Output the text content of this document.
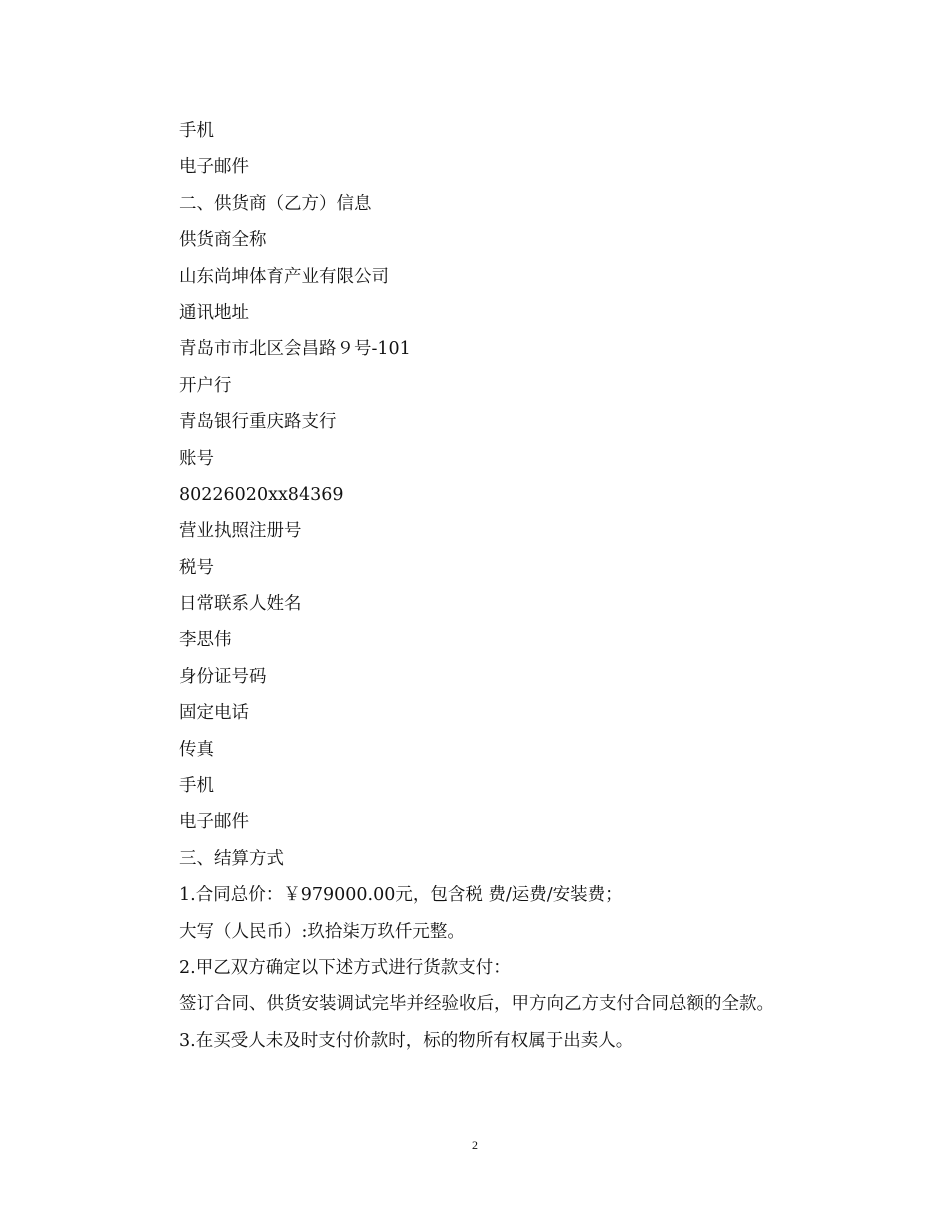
手机
电子邮件
二、供货商（乙方）信息
供货商全称
山东尚坤体育产业有限公司
通讯地址
青岛市市北区会昌路９号-101
开户行
青岛银行重庆路支行
账号
80226020xx84369
营业执照注册号
税号
日常联系人姓名
李思伟
身份证号码
固定电话
传真
手机
电子邮件
三、结算方式
1.合同总价：￥979000.00元，包含税 费/运费/安装费；
大写（人民币）:玖拾柒万玖仟元整。
2.甲乙双方确定以下述方式进行货款支付：
签订合同、供货安装调试完毕并经验收后，甲方向乙方支付合同总额的全款。
3.在买受人未及时支付价款时，标的物所有权属于出卖人。
2
